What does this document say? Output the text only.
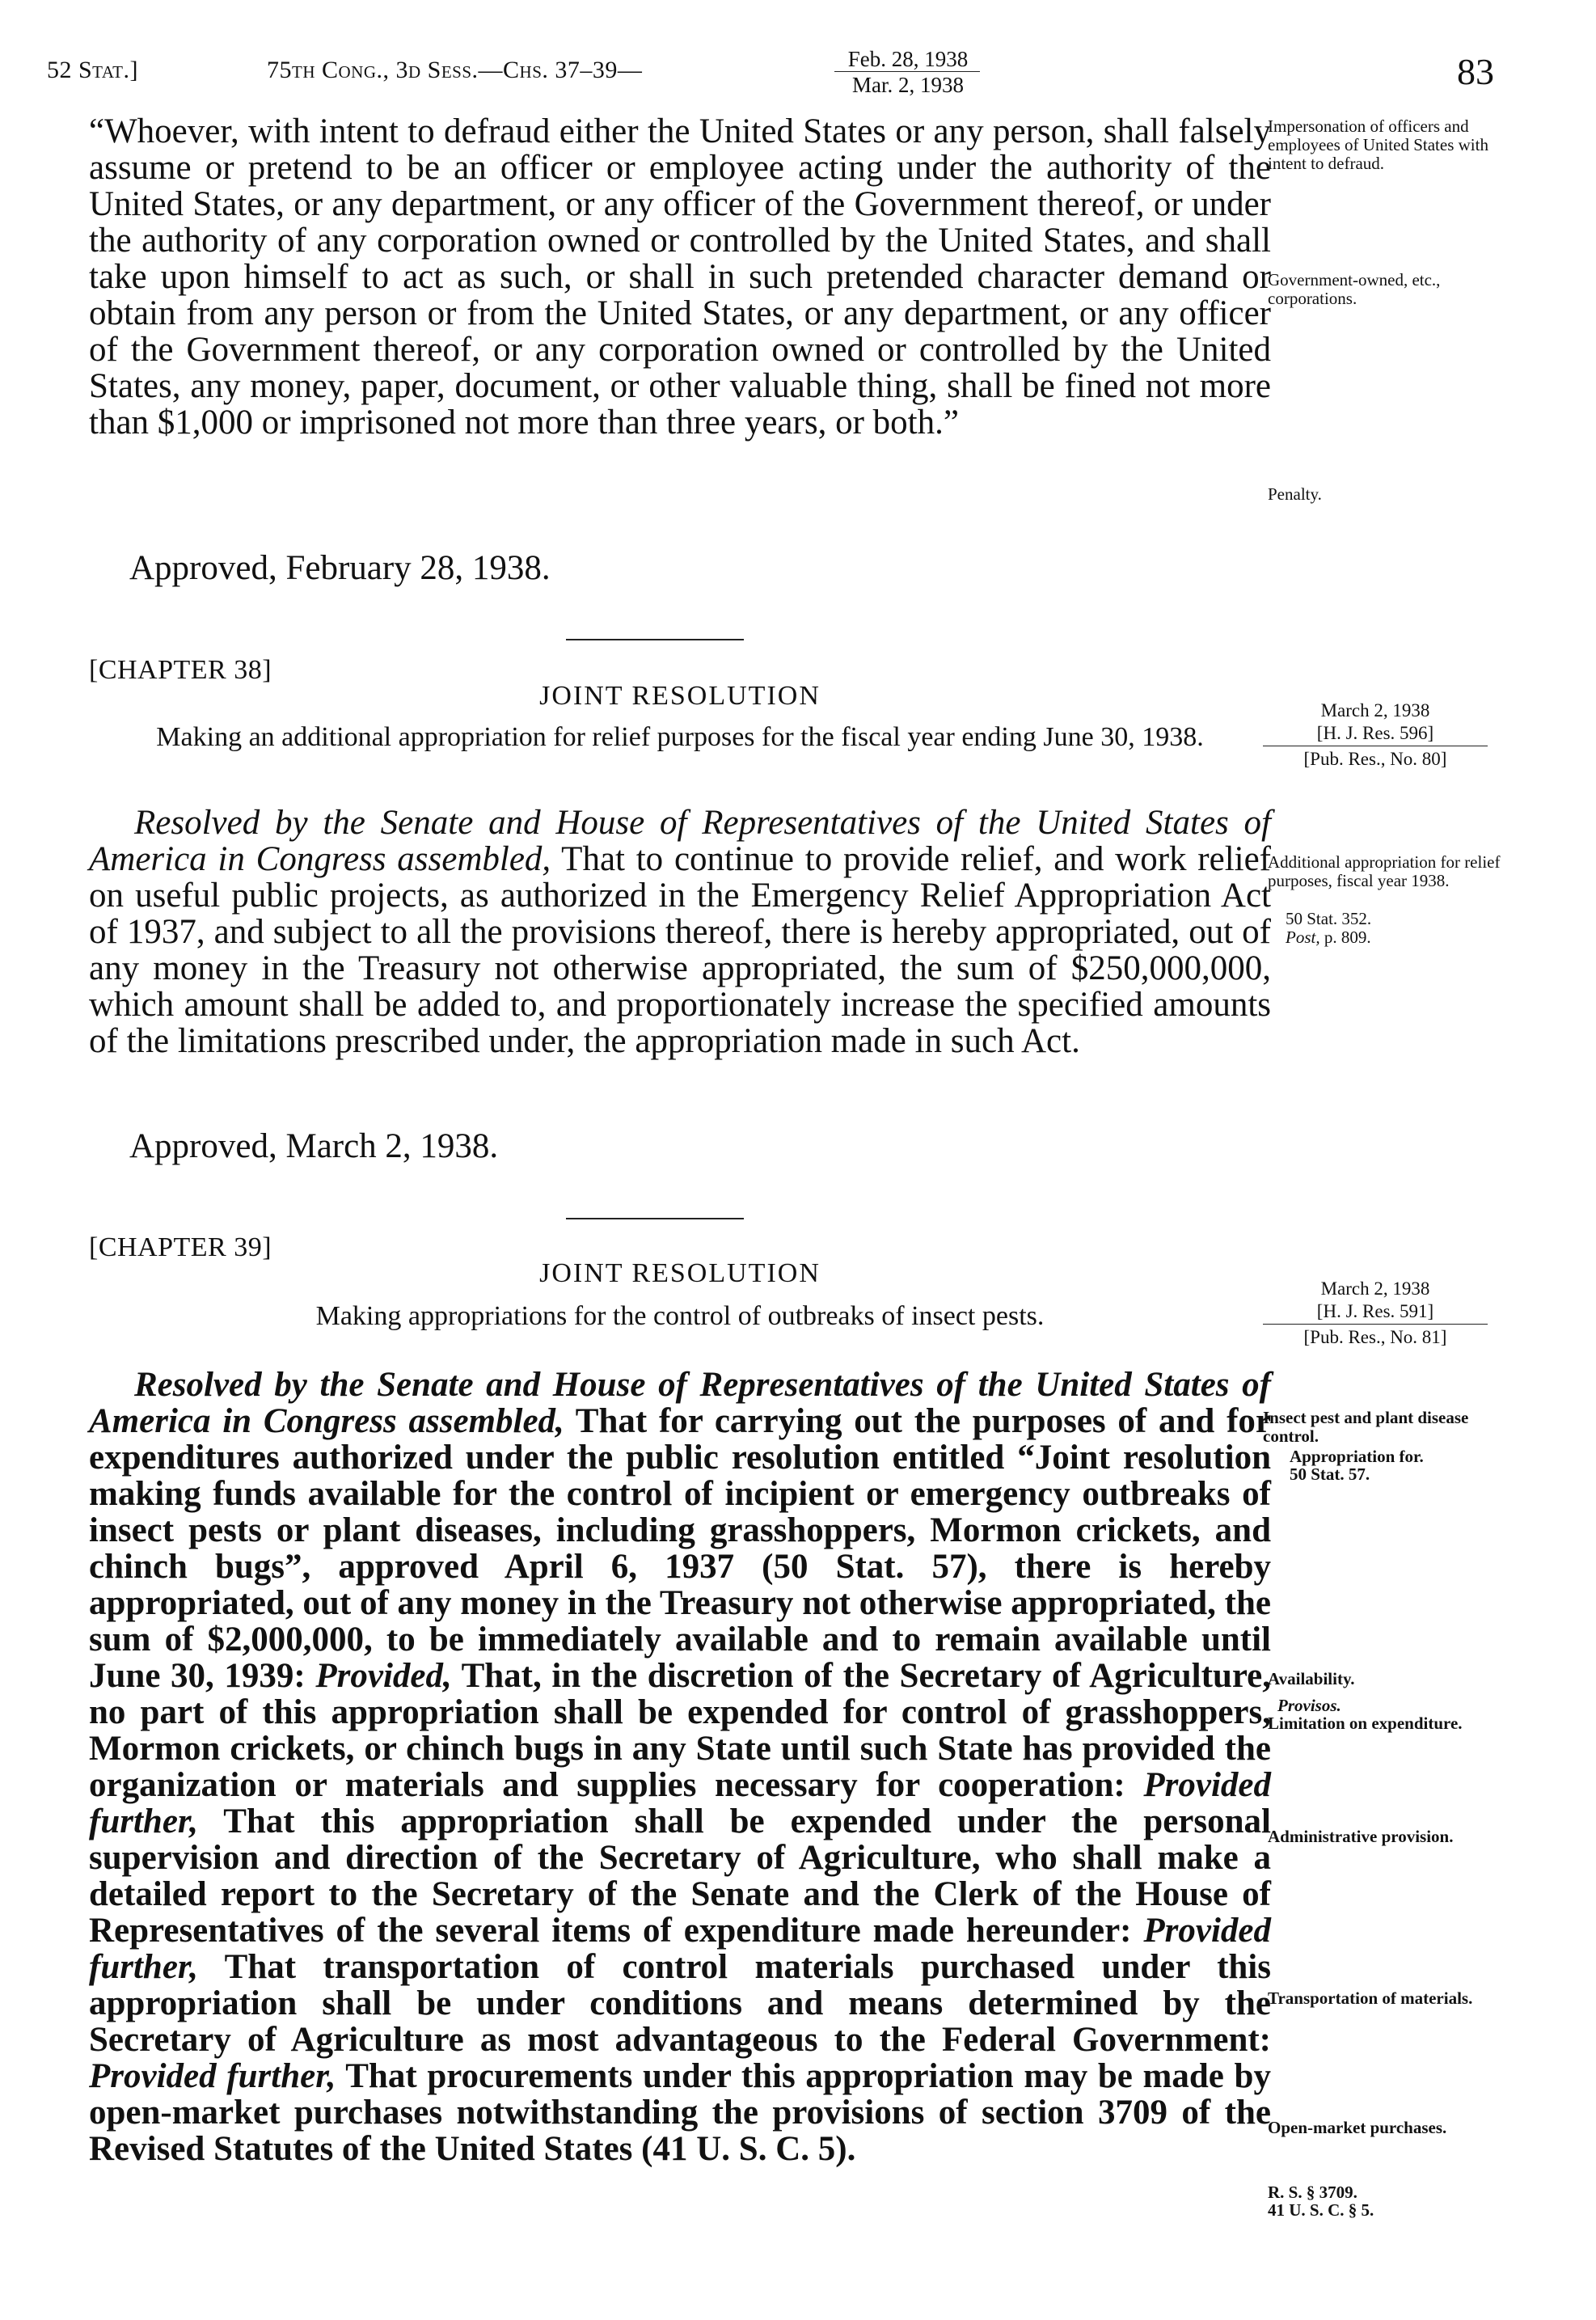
52 Stat.]	75th Cong., 3d Sess.—Chs. 37–39—	Feb. 28, 1938
Mar. 2, 1938	83
“Whoever, with intent to defraud either the United States or any person, shall falsely assume or pretend to be an officer or employee acting under the authority of the United States, or any department, or any officer of the Government thereof, or under the authority of any corporation owned or controlled by the United States, and shall take upon himself to act as such, or shall in such pretended character demand or obtain from any person or from the United States, or any department, or any officer of the Government thereof, or any corporation owned or controlled by the United States, any money, paper, document, or other valuable thing, shall be fined not more than $1,000 or imprisoned not more than three years, or both.”
Approved, February 28, 1938.
Impersonation of officers and employees of United States with intent to defraud.
Government-owned, etc., corporations.
Penalty.
[CHAPTER 38]
JOINT RESOLUTION
Making an additional appropriation for relief purposes for the fiscal year ending June 30, 1938.
March 2, 1938
[H. J. Res. 596]
[Pub. Res., No. 80]
Resolved by the Senate and House of Representatives of the United States of America in Congress assembled, That to continue to provide relief, and work relief on useful public projects, as authorized in the Emergency Relief Appropriation Act of 1937, and subject to all the provisions thereof, there is hereby appropriated, out of any money in the Treasury not otherwise appropriated, the sum of $250,000,000, which amount shall be added to, and proportionately increase the specified amounts of the limitations prescribed under, the appropriation made in such Act.
Approved, March 2, 1938.
Additional appropriation for relief purposes, fiscal year 1938.
50 Stat. 352.
Post, p. 809.
[CHAPTER 39]
JOINT RESOLUTION
Making appropriations for the control of outbreaks of insect pests.
March 2, 1938
[H. J. Res. 591]
[Pub. Res., No. 81]
Resolved by the Senate and House of Representatives of the United States of America in Congress assembled, That for carrying out the purposes of and for expenditures authorized under the public resolution entitled “Joint resolution making funds available for the control of incipient or emergency outbreaks of insect pests or plant diseases, including grasshoppers, Mormon crickets, and chinch bugs”, approved April 6, 1937 (50 Stat. 57), there is hereby appropriated, out of any money in the Treasury not otherwise appropriated, the sum of $2,000,000, to be immediately available and to remain available until June 30, 1939: Provided, That, in the discretion of the Secretary of Agriculture, no part of this appropriation shall be expended for control of grasshoppers, Mormon crickets, or chinch bugs in any State until such State has provided the organization or materials and supplies necessary for cooperation: Provided further, That this appropriation shall be expended under the personal supervision and direction of the Secretary of Agriculture, who shall make a detailed report to the Secretary of the Senate and the Clerk of the House of Representatives of the several items of expenditure made hereunder: Provided further, That transportation of control materials purchased under this appropriation shall be under conditions and means determined by the Secretary of Agriculture as most advantageous to the Federal Government: Provided further, That procurements under this appropriation may be made by open-market purchases notwithstanding the provisions of section 3709 of the Revised Statutes of the United States (41 U. S. C. 5).
Insect pest and plant disease control.
Appropriation for.
50 Stat. 57.
Availability.
Provisos.
Limitation on expenditure.
Administrative provision.
Transportation of materials.
Open-market purchases.
R. S. § 3709.
41 U. S. C. § 5.
